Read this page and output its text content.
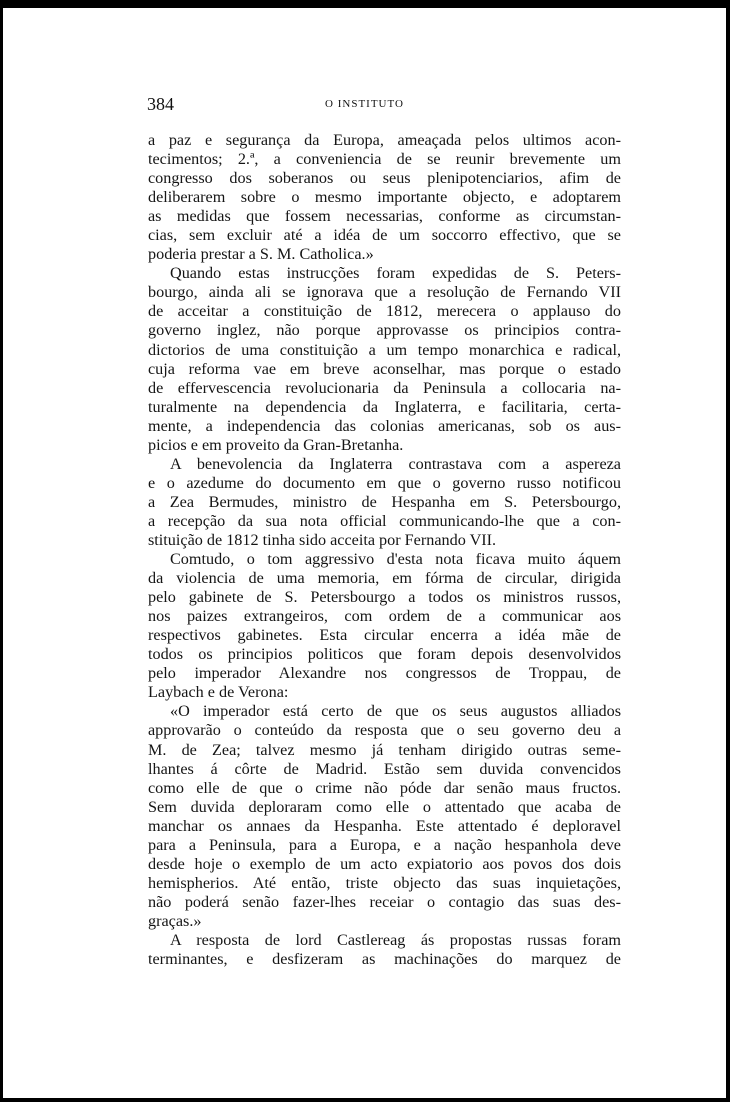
384	O INSTITUTO
a paz e segurança da Europa, ameaçada pelos ultimos acon-
tecimentos; 2.ª, a conveniencia de se reunir brevemente um
congresso dos soberanos ou seus plenipotenciarios, afim de
deliberarem sobre o mesmo importante objecto, e adoptarem
as medidas que fossem necessarias, conforme as circumstan-
cias, sem excluir até a idéa de um soccorro effectivo, que se
poderia prestar a S. M. Catholica.»
Quando estas instrucções foram expedidas de S. Peters-
bourgo, ainda ali se ignorava que a resolução de Fernando VII
de acceitar a constituição de 1812, merecera o applauso do
governo inglez, não porque approvasse os principios contra-
dictorios de uma constituição a um tempo monarchica e radical,
cuja reforma vae em breve aconselhar, mas porque o estado
de effervescencia revolucionaria da Peninsula a collocaria na-
turalmente na dependencia da Inglaterra, e facilitaria, certa-
mente, a independencia das colonias americanas, sob os aus-
picios e em proveito da Gran-Bretanha.
A benevolencia da Inglaterra contrastava com a aspereza
e o azedume do documento em que o governo russo notificou
a Zea Bermudes, ministro de Hespanha em S. Petersbourgo,
a recepção da sua nota official communicando-lhe que a con-
stituição de 1812 tinha sido acceita por Fernando VII.
Comtudo, o tom aggressivo d'esta nota ficava muito áquem
da violencia de uma memoria, em fórma de circular, dirigida
pelo gabinete de S. Petersbourgo a todos os ministros russos,
nos paizes extrangeiros, com ordem de a communicar aos
respectivos gabinetes. Esta circular encerra a idéa mãe de
todos os principios politicos que foram depois desenvolvidos
pelo imperador Alexandre nos congressos de Troppau, de
Laybach e de Verona:
«O imperador está certo de que os seus augustos alliados
approvarão o conteúdo da resposta que o seu governo deu a
M. de Zea; talvez mesmo já tenham dirigido outras seme-
lhantes á côrte de Madrid. Estão sem duvida convencidos
como elle de que o crime não póde dar senão maus fructos.
Sem duvida deploraram como elle o attentado que acaba de
manchar os annaes da Hespanha. Este attentado é deploravel
para a Peninsula, para a Europa, e a nação hespanhola deve
desde hoje o exemplo de um acto expiatorio aos povos dos dois
hemispherios. Até então, triste objecto das suas inquietações,
não poderá senão fazer-lhes receiar o contagio das suas des-
graças.»
A resposta de lord Castlereag ás propostas russas foram
terminantes, e desfizeram as machinações do marquez de
